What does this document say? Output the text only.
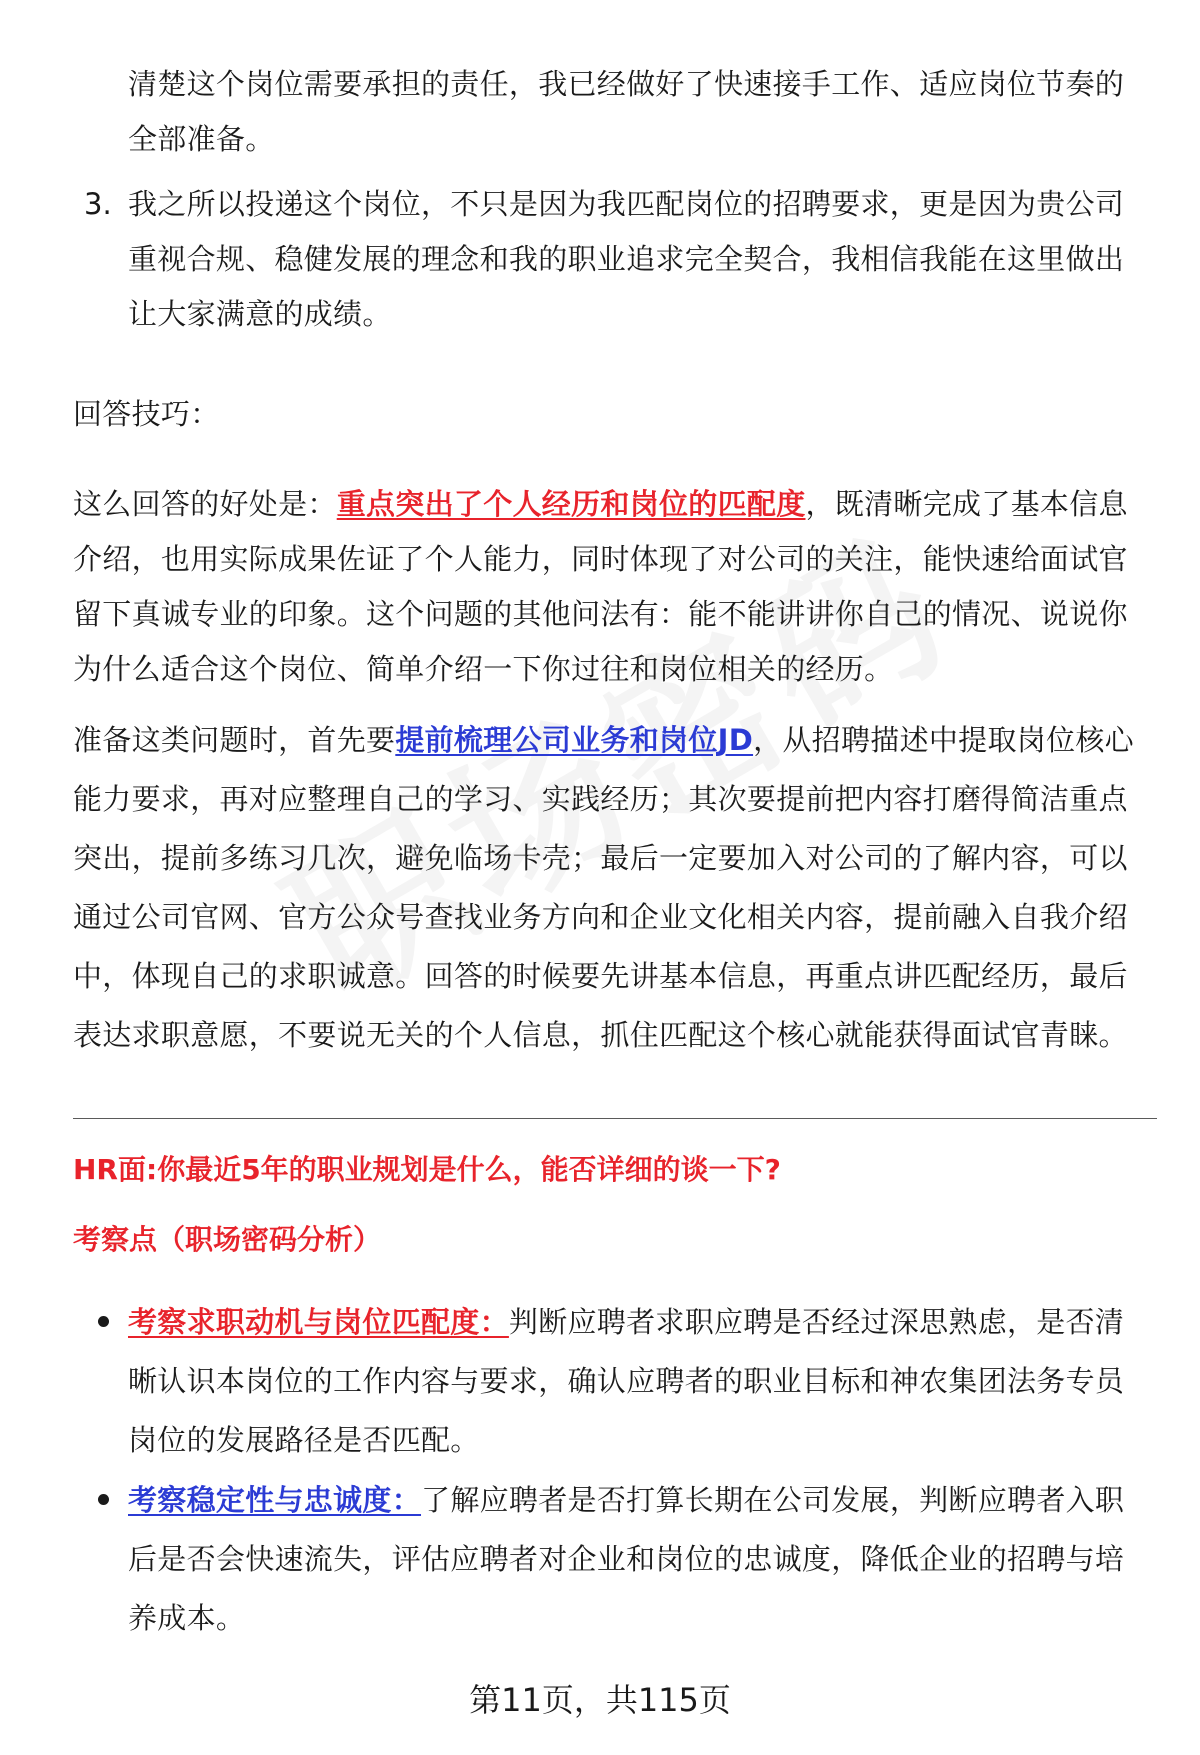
清楚这个岗位需要承担的责任，我已经做好了快速接手工作、适应岗位节奏的
全部准备。
3. 我之所以投递这个岗位，不只是因为我匹配岗位的招聘要求，更是因为贵公司
重视合规、稳健发展的理念和我的职业追求完全契合，我相信我能在这里做出
让大家满意的成绩。
回答技巧：
这么回答的好处是：重点突出了个人经历和岗位的匹配度，既清晰完成了基本信息
介绍，也用实际成果佐证了个人能力，同时体现了对公司的关注，能快速给面试官
留下真诚专业的印象。这个问题的其他问法有：能不能讲讲你自己的情况、说说你
为什么适合这个岗位、简单介绍一下你过往和岗位相关的经历。
准备这类问题时，首先要提前梳理公司业务和岗位JD，从招聘描述中提取岗位核心
能力要求，再对应整理自己的学习、实践经历；其次要提前把内容打磨得简洁重点
突出，提前多练习几次，避免临场卡壳；最后一定要加入对公司的了解内容，可以
通过公司官网、官方公众号查找业务方向和企业文化相关内容，提前融入自我介绍
中，体现自己的求职诚意。回答的时候要先讲基本信息，再重点讲匹配经历，最后
表达求职意愿，不要说无关的个人信息，抓住匹配这个核心就能获得面试官青睐。
HR面:你最近5年的职业规划是什么，能否详细的谈一下?
考察点（职场密码分析）
考察求职动机与岗位匹配度：判断应聘者求职应聘是否经过深思熟虑，是否清
晰认识本岗位的工作内容与要求，确认应聘者的职业目标和神农集团法务专员
岗位的发展路径是否匹配。
考察稳定性与忠诚度：了解应聘者是否打算长期在公司发展，判断应聘者入职
后是否会快速流失，评估应聘者对企业和岗位的忠诚度，降低企业的招聘与培
养成本。
第11页，共115页
